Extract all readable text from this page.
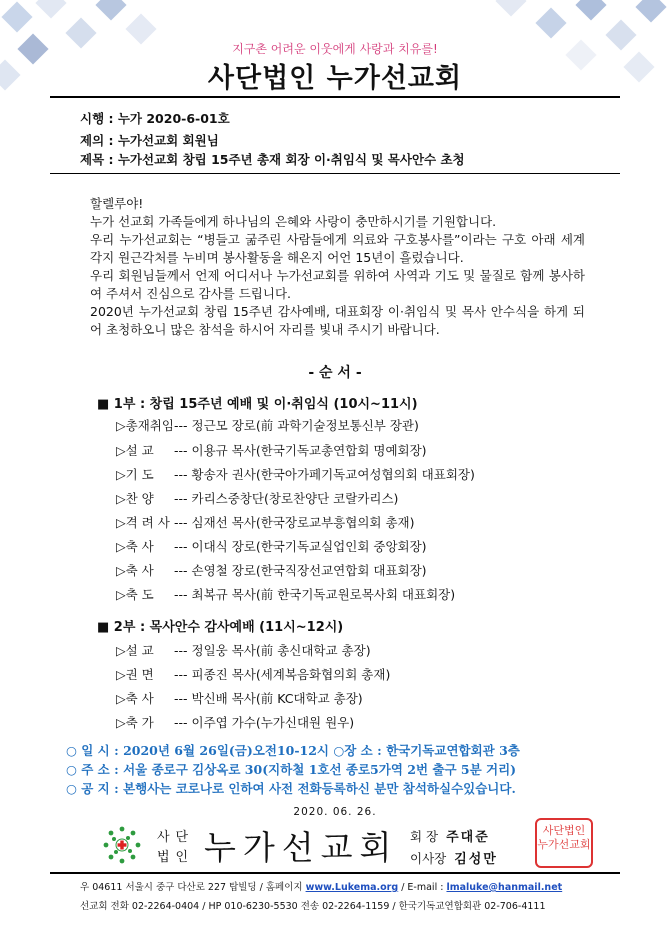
지구촌 어려운 이웃에게 사랑과 치유를!
사단법인 누가선교회
시행 : 누가 2020-6-01호
제의 : 누가선교회 회원님
제목 : 누가선교회 창립 15주년 총재 회장 이·취임식 및 목사안수 초청

할렐루야!

누가 선교회 가족들에게 하나님의 은혜와 사랑이 충만하시기를 기원합니다.

우리 누가선교회는 “병들고 굶주린 사람들에게 의료와 구호봉사를”이라는 구호 아래 세계각지 원근각처를 누비며 봉사활동을 해온지 어언 15년이 흘렀습니다.

우리 회원님들께서 언제 어디서나 누가선교회를 위하여 사역과 기도 및 물질로 함께 봉사하여 주셔서 진심으로 감사를 드립니다.

2020년 누가선교회 창립 15주년 감사예배, 대표회장 이·취임식 및 목사 안수식을 하게 되어 초청하오니 많은 참석을 하시어 자리를 빛내 주시기 바랍니다.

- 순 서 -
■ 1부 : 창립 15주년 예배 및 이·취임식 (10시~11시)
▷총재취임--- 정근모 장로(前 과학기술정보통신부 장관)
▷설 교 --- 이용규 목사(한국기독교총연합회 명예회장)
▷기 도 --- 황송자 권사(한국아가페기독교여성협의회 대표회장)
▷찬 양 --- 카리스중창단(창로찬양단 코랄카리스)
▷격 려 사 --- 심재선 목사(한국장로교부흥협의회 총재)
▷축 사 --- 이대식 장로(한국기독교실업인회 중앙회장)
▷축 사 --- 손영철 장로(한국직장선교연합회 대표회장)
▷축 도 --- 최복규 목사(前 한국기독교원로목사회 대표회장)
■ 2부 : 목사안수 감사예배 (11시~12시)
▷설 교 --- 정일웅 목사(前 총신대학교 총장)
▷권 면 --- 피종진 목사(세계복음화협의회 총재)
▷축 사 --- 박신배 목사(前 KC대학교 총장)
▷축 가 --- 이주엽 가수(누가신대원 원우)
○ 일 시 : 2020년 6월 26일(금)오전10-12시 ○장 소 : 한국기독교연합회관 3층
○ 주 소 : 서울 종로구 김상옥로 30(지하철 1호선 종로5가역 2번 출구 5분 거리)
○ 공 지 : 본행사는 코로나로 인하여 사전 전화등록하신 분만 참석하실수있습니다.
2020. 06. 26.
사단
법인 누가선교회 회 장 주대준
이사장 김성만
사단법인 누가선교회
우 04611 서울시 중구 다산로 227 탑빌딩 / 홈페이지 www.Lukema.org / E-mail : lmaluke@hanmail.net
선교회 전화 02-2264-0404 / HP 010-6230-5530 전송 02-2264-1159 / 한국기독교연합회관 02-706-4111
